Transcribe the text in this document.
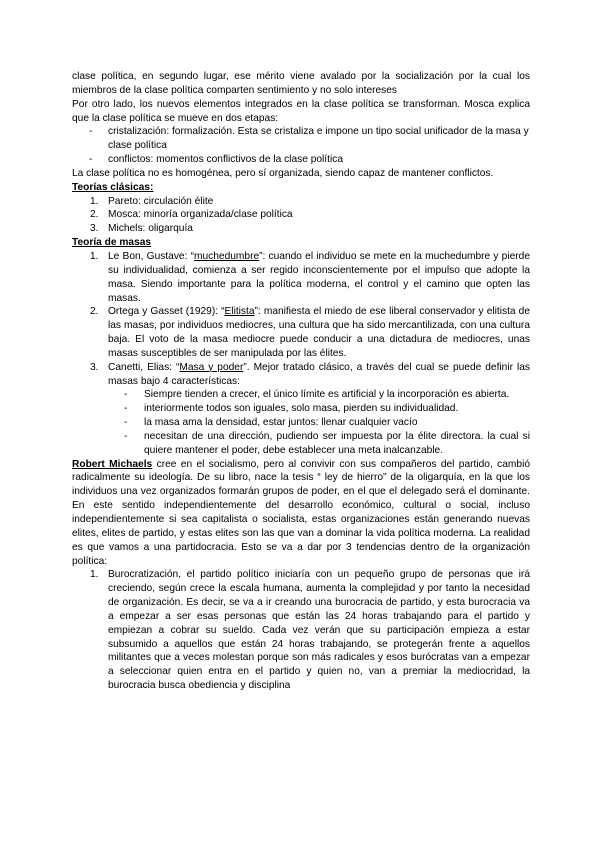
clase política, en segundo lugar, ese mérito viene avalado por la socialización por la cual los miembros de la clase política comparten sentimiento y no solo intereses

Por otro lado, los nuevos elementos integrados en la clase política se transforman. Mosca explica que la clase política se mueve en dos etapas:

- cristalización: formalización. Esta se cristaliza e impone un tipo social unificador de la masa y clase política
- conflictos: momentos conflictivos de la clase política

La clase política no es homogénea, pero sí organizada, siendo capaz de mantener conflictos.

Teorías clásicas:

1. Pareto: circulación élite
2. Mosca: minoría organizada/clase política
3. Michels: oligarquía

Teoría de masas

1. Le Bon, Gustave: “muchedumbre”: cuando el individuo se mete en la muchedumbre y pierde su individualidad, comienza a ser regido inconscientemente por el impulso que adopte la masa. Siendo importante para la política moderna, el control y el camino que opten las masas.
2. Ortega y Gasset (1929): “Elitista”: manifiesta el miedo de ese liberal conservador y elitista de las masas, por individuos mediocres, una cultura que ha sido mercantilizada, con una cultura baja. El voto de la masa mediocre puede conducir a una dictadura de mediocres, unas masas susceptibles de ser manipulada por las élites.
3. Canetti, Elias: “Masa y poder”. Mejor tratado clásico, a través del cual se puede definir las masas bajo 4 características:
- Siempre tienden a crecer, el único límite es artificial y la incorporación es abierta.
- interiormente todos son iguales, solo masa, pierden su individualidad.
- la masa ama la densidad, estar juntos: llenar cualquier vacío
- necesitan de una dirección, pudiendo ser impuesta por la élite directora. la cual si quiere mantener el poder, debe establecer una meta inalcanzable.

Robert Michaels cree en el socialismo, pero al convivir con sus compañeros del partido, cambió radicalmente su ideología. De su libro, nace la tesis “ ley de hierro” de la oligarquía, en la que los individuos una vez organizados formarán grupos de poder, en el que el delegado será el dominante. En este sentido independientemente del desarrollo económico, cultural o social, incluso independientemente si sea capitalista o socialista, estas organizaciones están generando nuevas elites, elites de partido, y estas elites son las que van a dominar la vida política moderna. La realidad es que vamos a una partidocracia. Esto se va a dar por 3 tendencias dentro de la organización política:

1. Burocratización, el partido político iniciaría con un pequeño grupo de personas que irá creciendo, según crece la escala humana, aumenta la complejidad y por tanto la necesidad de organización. Es decir, se va a ir creando una burocracia de partido, y esta burocracia va a empezar a ser esas personas que están las 24 horas trabajando para el partido y empiezan a cobrar su sueldo. Cada vez verán que su participación empieza a estar subsumido a aquellos que están 24 horas trabajando, se protegerán frente a aquellos militantes que a veces molestan porque son más radicales y esos burócratas van a empezar a seleccionar quien entra en el partido y quien no, van a premiar la mediocridad, la burocracia busca obediencia y disciplina
